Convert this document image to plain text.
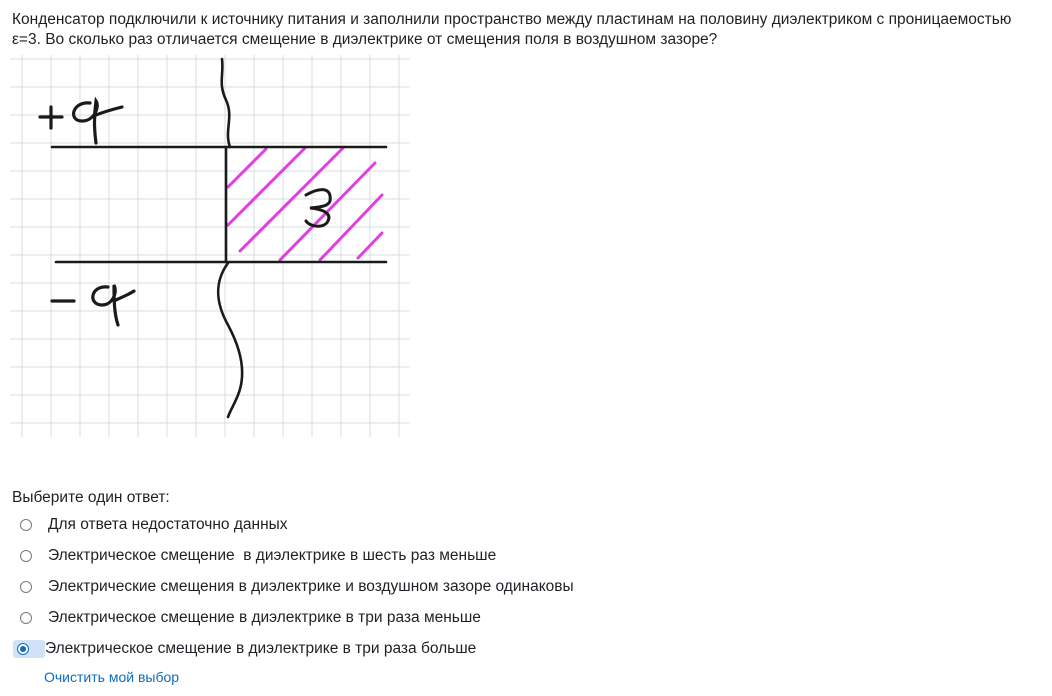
Конденсатор подключили к источнику питания и заполнили пространство между пластинам на половину диэлектриком с проницаемостью ε=3. Во сколько раз отличается смещение в диэлектрике от смещения поля в воздушном зазоре?

Выберите один ответ:
Для ответа недостаточно данных
Электрическое смещение  в диэлектрике в шесть раз меньше
Электрические смещения в диэлектрике и воздушном зазоре одинаковы
Электрическое смещение в диэлектрике в три раза меньше
Электрическое смещение в диэлектрике в три раза больше
Очистить мой выбор
